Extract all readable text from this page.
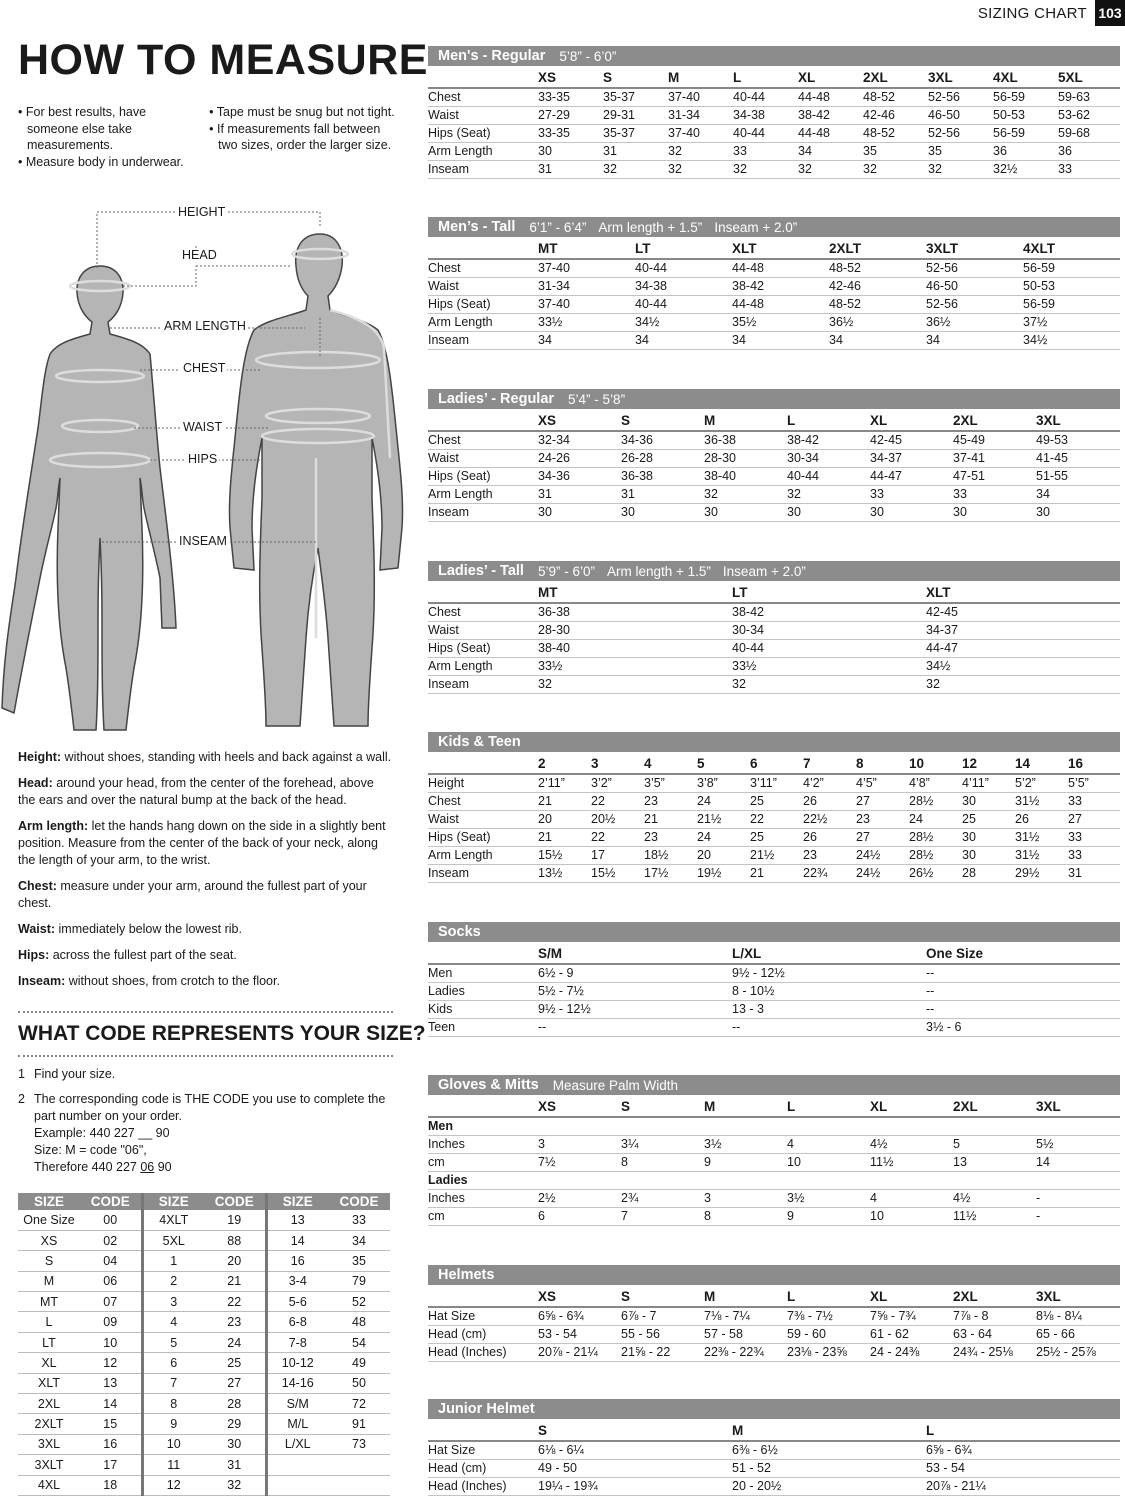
SIZING CHART 103
HOW TO MEASURE
• For best results, have someone else take measurements.
• Measure body in underwear.
• Tape must be snug but not tight.
• If measurements fall between two sizes, order the larger size.
HEIGHT
HEAD
ARM LENGTH
CHEST
WAIST
HIPS
INSEAM

Height: without shoes, standing with heels and back against a wall.

Head: around your head, from the center of the forehead, above the ears and over the natural bump at the back of the head.

Arm length: let the hands hang down on the side in a slightly bent position. Measure from the center of the back of your neck, along the length of your arm, to the wrist.

Chest: measure under your arm, around the fullest part of your chest.

Waist: immediately below the lowest rib.

Hips: across the fullest part of the seat.

Inseam: without shoes, from crotch to the floor.

WHAT CODE REPRESENTS YOUR SIZE?
1 Find your size.
2 The corresponding code is THE CODE you use to complete the part number on your order.
Example: 440 227 __ 90
Size: M = code "06",
Therefore 440 227 06 90
SIZE	CODE	SIZE	CODE	SIZE	CODE
One Size	00	4XLT	19	13	33
XS	02	5XL	88	14	34
S	04	1	20	16	35
M	06	2	21	3-4	79
MT	07	3	22	5-6	52
L	09	4	23	6-8	48
LT	10	5	24	7-8	54
XL	12	6	25	10-12	49
XLT	13	7	27	14-16	50
2XL	14	8	28	S/M	72
2XLT	15	9	29	M/L	91
3XL	16	10	30	L/XL	73
3XLT	17	11	31		
4XL	18	12	32		
Men's - Regular 5’8” - 6’0”
	XS	S	M	L	XL	2XL	3XL	4XL	5XL
Chest	33-35	35-37	37-40	40-44	44-48	48-52	52-56	56-59	59-63
Waist	27-29	29-31	31-34	34-38	38-42	42-46	46-50	50-53	53-62
Hips (Seat)	33-35	35-37	37-40	40-44	44-48	48-52	52-56	56-59	59-68
Arm Length	30	31	32	33	34	35	35	36	36
Inseam	31	32	32	32	32	32	32	32½	33
Men’s - Tall 6’1” - 6’4” Arm length + 1.5” Inseam + 2.0”
	MT	LT	XLT	2XLT	3XLT	4XLT
Chest	37-40	40-44	44-48	48-52	52-56	56-59
Waist	31-34	34-38	38-42	42-46	46-50	50-53
Hips (Seat)	37-40	40-44	44-48	48-52	52-56	56-59
Arm Length	33½	34½	35½	36½	36½	37½
Inseam	34	34	34	34	34	34½
Ladies’ - Regular 5’4” - 5’8”
	XS	S	M	L	XL	2XL	3XL
Chest	32-34	34-36	36-38	38-42	42-45	45-49	49-53
Waist	24-26	26-28	28-30	30-34	34-37	37-41	41-45
Hips (Seat)	34-36	36-38	38-40	40-44	44-47	47-51	51-55
Arm Length	31	31	32	32	33	33	34
Inseam	30	30	30	30	30	30	30
Ladies’ - Tall 5’9” - 6’0” Arm length + 1.5” Inseam + 2.0”
	MT	LT	XLT
Chest	36-38	38-42	42-45
Waist	28-30	30-34	34-37
Hips (Seat)	38-40	40-44	44-47
Arm Length	33½	33½	34½
Inseam	32	32	32
Kids & Teen
	2	3	4	5	6	7	8	10	12	14	16
Height	2’11”	3’2”	3’5”	3’8”	3’11”	4’2”	4’5”	4’8”	4’11”	5’2”	5’5”
Chest	21	22	23	24	25	26	27	28½	30	31½	33
Waist	20	20½	21	21½	22	22½	23	24	25	26	27
Hips (Seat)	21	22	23	24	25	26	27	28½	30	31½	33
Arm Length	15½	17	18½	20	21½	23	24½	28½	30	31½	33
Inseam	13½	15½	17½	19½	21	22¾	24½	26½	28	29½	31
Socks
	S/M	L/XL	One Size
Men	6½ - 9	9½ - 12½	--
Ladies	5½ - 7½	8 - 10½	--
Kids	9½ - 12½	13 - 3	--
Teen	--	--	3½ - 6
Gloves & Mitts Measure Palm Width
	XS	S	M	L	XL	2XL	3XL
Men							
Inches	3	3¼	3½	4	4½	5	5½
cm	7½	8	9	10	11½	13	14
Ladies							
Inches	2½	2¾	3	3½	4	4½	-
cm	6	7	8	9	10	11½	-
Helmets
	XS	S	M	L	XL	2XL	3XL
Hat Size	6⅝ - 6¾	6⅞ - 7	7⅛ - 7¼	7⅜ - 7½	7⅝ - 7¾	7⅞ - 8	8⅛ - 8¼
Head (cm)	53 - 54	55 - 56	57 - 58	59 - 60	61 - 62	63 - 64	65 - 66
Head (Inches)	20⅞ - 21¼	21⅝ - 22	22⅜ - 22¾	23⅛ - 23⅝	24 - 24⅜	24¾ - 25⅛	25½ - 25⅞
Junior Helmet
	S	M	L
Hat Size	6⅛ - 6¼	6⅜ - 6½	6⅝ - 6¾
Head (cm)	49 - 50	51 - 52	53 - 54
Head (Inches)	19¼ - 19¾	20 - 20½	20⅞ - 21¼
